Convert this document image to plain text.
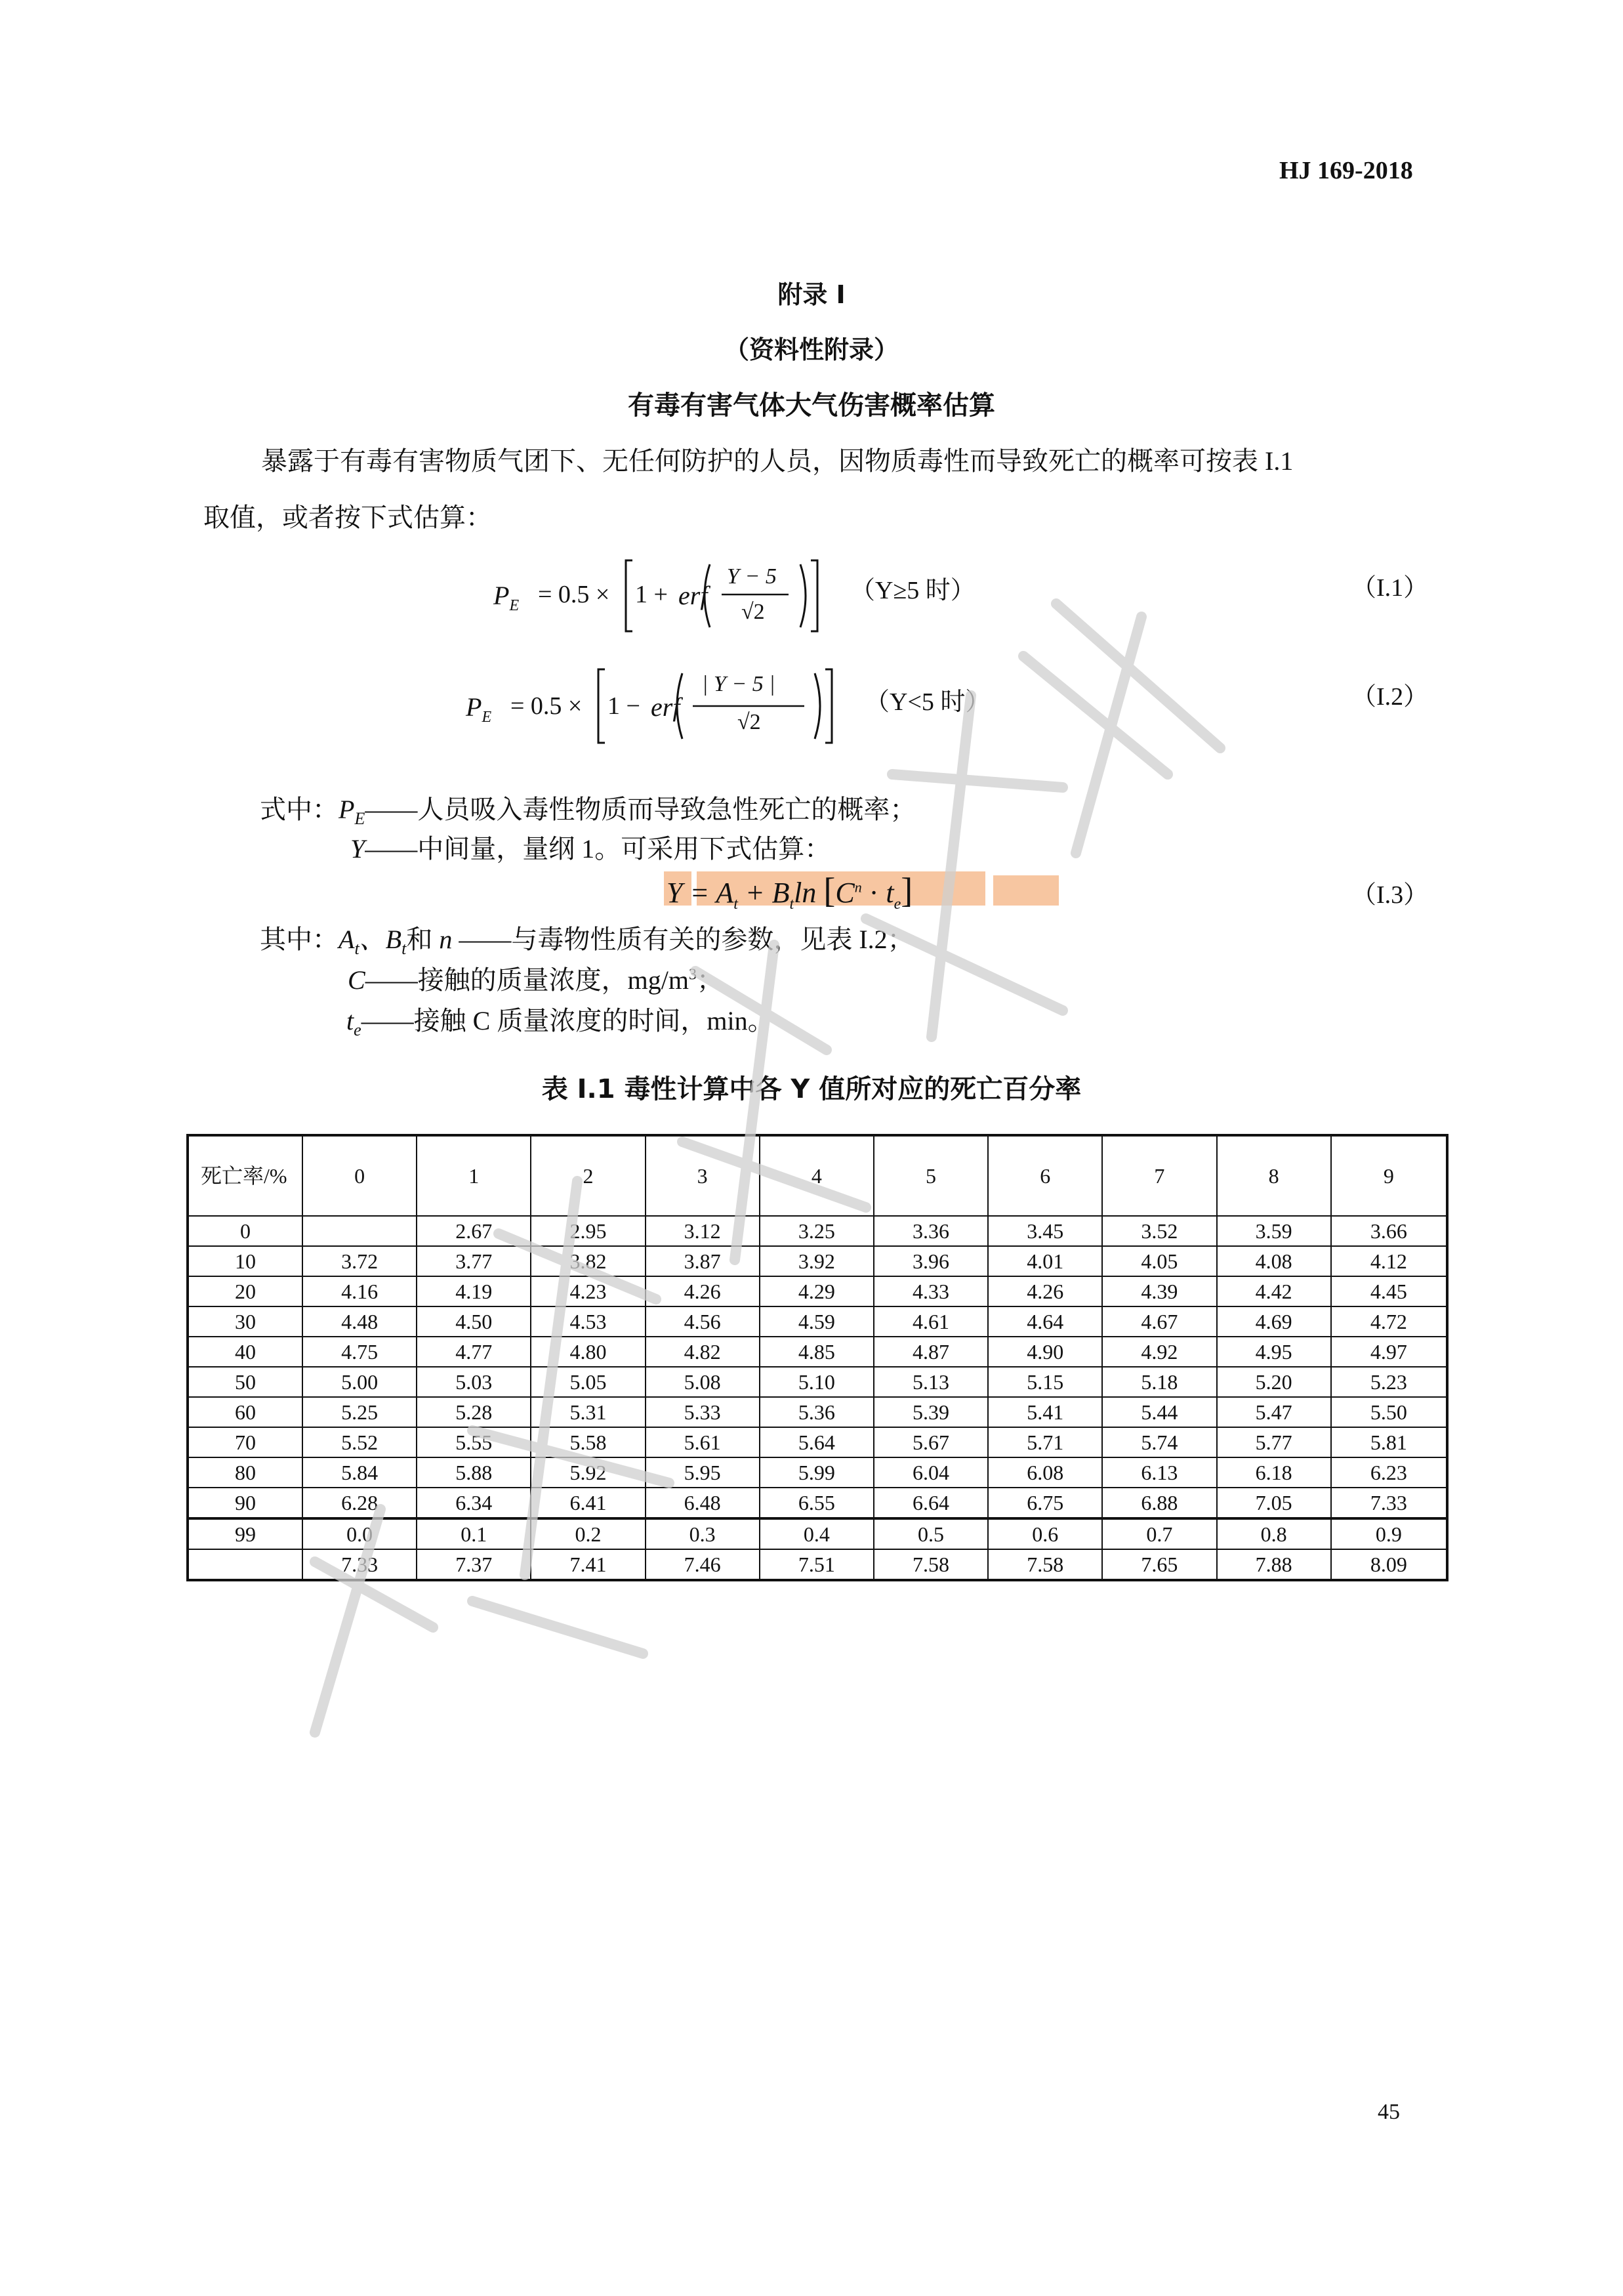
HJ 169-2018
附录 I
（资料性附录）
有毒有害气体大气伤害概率估算
暴露于有毒有害物质气团下、无任何防护的人员，因物质毒性而导致死亡的概率可按表 I.1
取值，或者按下式估算：
$P_E = 0.5 \times 1$ + erf
Y − 5
√2
（Y≥5 时）	（I.1）
$P_E = 0.5 \times 1$ − erf
| Y − 5 |
√2
（Y<5 时）	（I.2）
式中：$P_E——$人员吸入毒性物质而导致急性死亡的概率；
Y——中间量，量纲 1。可采用下式估算：
$Y = A_t + B_t\ln$ $[C^n \cdot t_e]$	（I.3）
其中：$A_t$、$B_t$和 n ——与毒物性质有关的参数，见表 I.2；
C——接触的质量浓度，$mg/m^3$；
$t_e——$接触 C 质量浓度的时间，min。
表 I.1 毒性计算中各 Y 值所对应的死亡百分率
死亡率/%	0	1	2	3	4	5	6	7	8	9
0		2.67	2.95	3.12	3.25	3.36	3.45	3.52	3.59	3.66
10	3.72	3.77	3.82	3.87	3.92	3.96	4.01	4.05	4.08	4.12
20	4.16	4.19	4.23	4.26	4.29	4.33	4.26	4.39	4.42	4.45
30	4.48	4.50	4.53	4.56	4.59	4.61	4.64	4.67	4.69	4.72
40	4.75	4.77	4.80	4.82	4.85	4.87	4.90	4.92	4.95	4.97
50	5.00	5.03	5.05	5.08	5.10	5.13	5.15	5.18	5.20	5.23
60	5.25	5.28	5.31	5.33	5.36	5.39	5.41	5.44	5.47	5.50
70	5.52	5.55	5.58	5.61	5.64	5.67	5.71	5.74	5.77	5.81
80	5.84	5.88	5.92	5.95	5.99	6.04	6.08	6.13	6.18	6.23
90	6.28	6.34	6.41	6.48	6.55	6.64	6.75	6.88	7.05	7.33
99	0.0	0.1	0.2	0.3	0.4	0.5	0.6	0.7	0.8	0.9
	7.33	7.37	7.41	7.46	7.51	7.58	7.58	7.65	7.88	8.09
45
